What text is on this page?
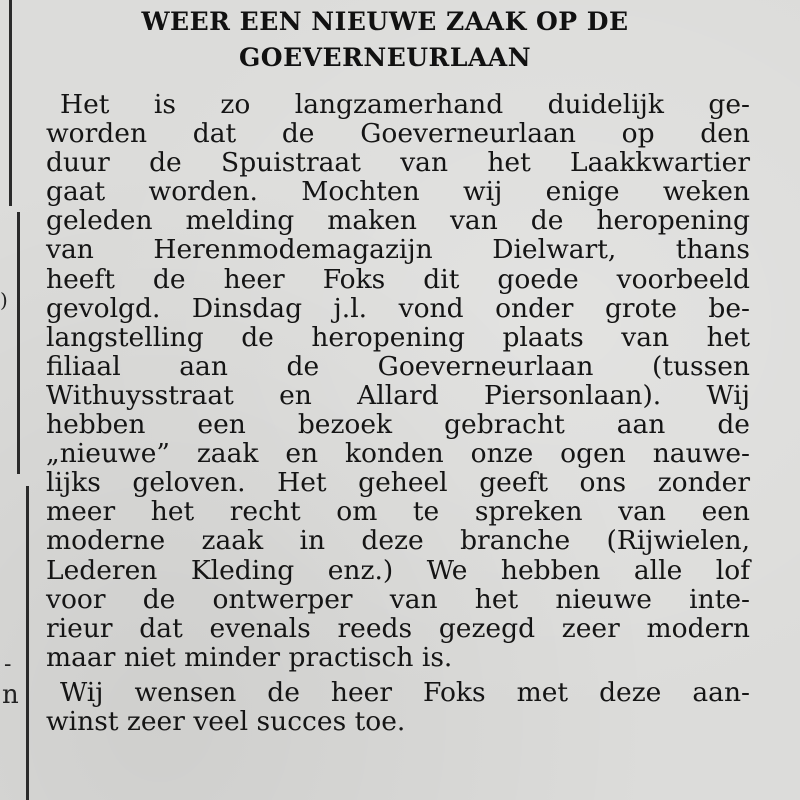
)
-
n
WEER EEN NIEUWE ZAAK OP DE
GOEVERNEURLAAN
Het is zo langzamerhand duidelijk ge-
worden dat de Goeverneurlaan op den
duur de Spuistraat van het Laakkwartier
gaat worden. Mochten wij enige weken
geleden melding maken van de heropening
van Herenmodemagazijn Dielwart, thans
heeft de heer Foks dit goede voorbeeld
gevolgd. Dinsdag j.l. vond onder grote be-
langstelling de heropening plaats van het
filiaal aan de Goeverneurlaan (tussen
Withuysstraat en Allard Piersonlaan). Wij
hebben een bezoek gebracht aan de
„nieuwe” zaak en konden onze ogen nauwe-
lijks geloven. Het geheel geeft ons zonder
meer het recht om te spreken van een
moderne zaak in deze branche (Rijwielen,
Lederen Kleding enz.) We hebben alle lof
voor de ontwerper van het nieuwe inte-
rieur dat evenals reeds gezegd zeer modern
maar niet minder practisch is.
Wij wensen de heer Foks met deze aan-
winst zeer veel succes toe.
